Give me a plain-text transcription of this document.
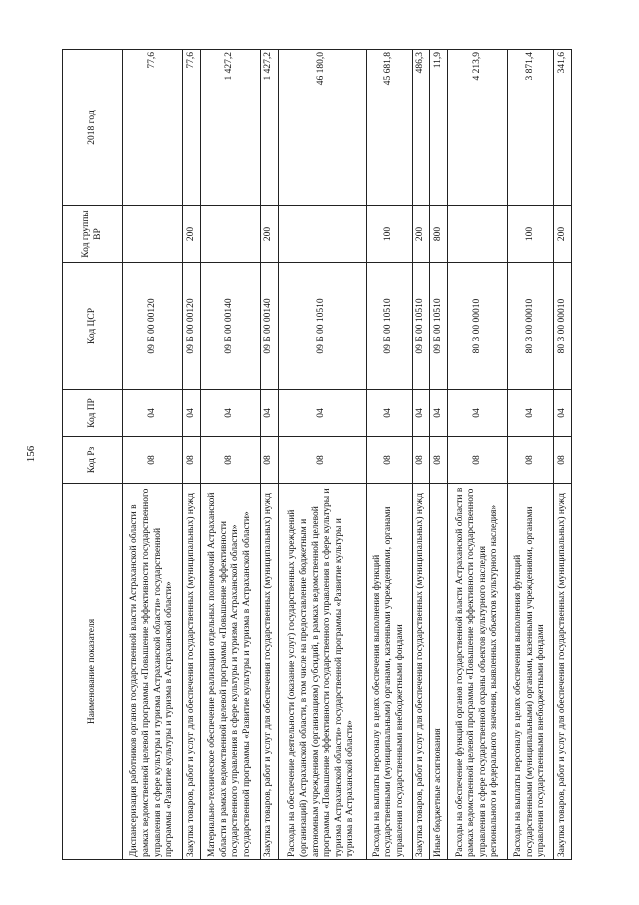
156
Наименование показателя	Код Рз	Код ПР	Код ЦСР	Код группы ВР	2018 год
Диспансеризация работников органов государственной власти Астраханской области в рамках ведомственной целевой программы «Повышение эффективности государственного управления в сфере культуры и туризма Астраханской области» государственной программы «Развитие культуры и туризма в Астраханской области»	08	04	09 Б 00 00120		77,6
Закупка товаров, работ и услуг для обеспечения государственных (муниципальных) нужд	08	04	09 Б 00 00120	200	77,6
Материально-техническое обеспечение реализации отдельных полномочий Астраханской области в рамках ведомственной целевой программы «Повышение эффективности государственного управления в сфере культуры и туризма Астраханской области» государственной программы «Развитие культуры и туризма в Астраханской области»	08	04	09 Б 00 00140		1 427,2
Закупка товаров, работ и услуг для обеспечения государственных (муниципальных) нужд	08	04	09 Б 00 00140	200	1 427,2
Расходы на обеспечение деятельности (оказание услуг) государственных учреждений (организаций) Астраханской области, в том числе на предоставление бюджетным и автономным учреждениям (организациям) субсидий, в рамках ведомственной целевой программы «Повышение эффективности государственного управления в сфере культуры и туризма Астраханской области» государственной программы «Развитие культуры и туризма в Астраханской области»	08	04	09 Б 00 10510		46 180,0
Расходы на выплаты персоналу в целях обеспечения выполнения функций государственными (муниципальными) органами, казенными учреждениями, органами управления государственными внебюджетными фондами	08	04	09 Б 00 10510	100	45 681,8
Закупка товаров, работ и услуг для обеспечения государственных (муниципальных) нужд	08	04	09 Б 00 10510	200	486,3
Иные бюджетные ассигнования	08	04	09 Б 00 10510	800	11,9
Расходы на обеспечение функций органов государственной власти Астраханской области в рамках ведомственной целевой программы «Повышение эффективности государственного управления в сфере государственной охраны объектов культурного наследия регионального и федерального значения, выявленных объектов культурного наследия»	08	04	80 3 00 00010		4 213,9
Расходы на выплаты персоналу в целях обеспечения выполнения функций государственными (муниципальными) органами, казенными учреждениями, органами управления государственными внебюджетными фондами	08	04	80 3 00 00010	100	3 871,4
Закупка товаров, работ и услуг для обеспечения государственных (муниципальных) нужд	08	04	80 3 00 00010	200	341,6
